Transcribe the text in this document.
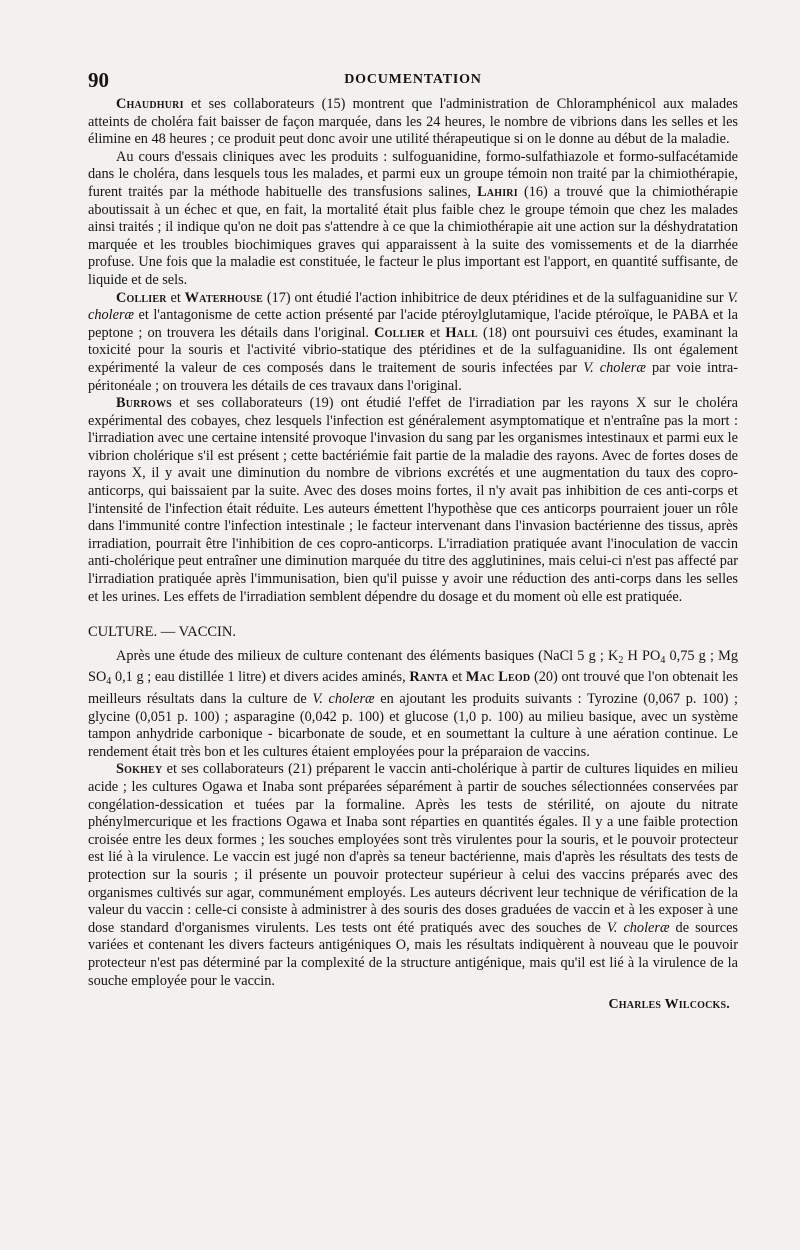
90	DOCUMENTATION

Chaudhuri et ses collaborateurs (15) montrent que l'administration de Chloramphénicol aux malades atteints de choléra fait baisser de façon marquée, dans les 24 heures, le nombre de vibrions dans les selles et les élimine en 48 heures ; ce produit peut donc avoir une utilité thérapeutique si on le donne au début de la maladie.

Au cours d'essais cliniques avec les produits : sulfoguanidine, formo-sulfathiazole et formo-sulfacétamide dans le choléra, dans lesquels tous les malades, et parmi eux un groupe témoin non traité par la chimiothérapie, furent traités par la méthode habituelle des transfusions salines, Lahiri (16) a trouvé que la chimiothérapie aboutissait à un échec et que, en fait, la mortalité était plus faible chez le groupe témoin que chez les malades ainsi traités ; il indique qu'on ne doit pas s'attendre à ce que la chimiothérapie ait une action sur la déshydratation marquée et les troubles biochimiques graves qui apparaissent à la suite des vomissements et de la diarrhée profuse. Une fois que la maladie est constituée, le facteur le plus important est l'apport, en quantité suffisante, de liquide et de sels.

Collier et Waterhouse (17) ont étudié l'action inhibitrice de deux ptéridines et de la sulfaguanidine sur V. choleræ et l'antagonisme de cette action présenté par l'acide ptéroylglutamique, l'acide ptéroïque, le PABA et la peptone ; on trouvera les détails dans l'original. Collier et Hall (18) ont poursuivi ces études, examinant la toxicité pour la souris et l'activité vibrio-statique des ptéridines et de la sulfaguanidine. Ils ont également expérimenté la valeur de ces composés dans le traitement de souris infectées par V. choleræ par voie intra-péritonéale ; on trouvera les détails de ces travaux dans l'original.

Burrows et ses collaborateurs (19) ont étudié l'effet de l'irradiation par les rayons X sur le choléra expérimental des cobayes, chez lesquels l'infection est généralement asymptomatique et n'entraîne pas la mort : l'irradiation avec une certaine intensité provoque l'invasion du sang par les organismes intestinaux et parmi eux le vibrion cholérique s'il est présent ; cette bactériémie fait partie de la maladie des rayons. Avec de fortes doses de rayons X, il y avait une diminution du nombre de vibrions excrétés et une augmentation du taux des copro-anticorps, qui baissaient par la suite. Avec des doses moins fortes, il n'y avait pas inhibition de ces anti-corps et l'intensité de l'infection était réduite. Les auteurs émettent l'hypothèse que ces anticorps pourraient jouer un rôle dans l'immunité contre l'infection intestinale ; le facteur intervenant dans l'invasion bactérienne des tissus, après irradiation, pourrait être l'inhibition de ces copro-anticorps. L'irradiation pratiquée avant l'inoculation de vaccin anti-cholérique peut entraîner une diminution marquée du titre des agglutinines, mais celui-ci n'est pas affecté par l'irradiation pratiquée après l'immunisation, bien qu'il puisse y avoir une réduction des anti-corps dans les selles et les urines. Les effets de l'irradiation semblent dépendre du dosage et du moment où elle est pratiquée.

CULTURE. — VACCIN.

Après une étude des milieux de culture contenant des éléments basiques (NaCl 5 g ; $K_2$ H $PO_4$ 0,75 g ; Mg $SO_4$ 0,1 g ; eau distillée 1 litre) et divers acides aminés, Ranta et Mac Leod (20) ont trouvé que l'on obtenait les meilleurs résultats dans la culture de V. choleræ en ajoutant les produits suivants : Tyrozine (0,067 p. 100) ; glycine (0,051 p. 100) ; asparagine (0,042 p. 100) et glucose (1,0 p. 100) au milieu basique, avec un système tampon anhydride carbonique - bicarbonate de soude, et en soumettant la culture à une aération continue. Le rendement était très bon et les cultures étaient employées pour la préparaion de vaccins.

Sokhey et ses collaborateurs (21) préparent le vaccin anti-cholérique à partir de cultures liquides en milieu acide ; les cultures Ogawa et Inaba sont préparées séparément à partir de souches sélectionnées conservées par congélation-dessication et tuées par la formaline. Après les tests de stérilité, on ajoute du nitrate phénylmercurique et les fractions Ogawa et Inaba sont réparties en quantités égales. Il y a une faible protection croisée entre les deux formes ; les souches employées sont très virulentes pour la souris, et le pouvoir protecteur est lié à la virulence. Le vaccin est jugé non d'après sa teneur bactérienne, mais d'après les résultats des tests de protection sur la souris ; il présente un pouvoir protecteur supérieur à celui des vaccins préparés avec des organismes cultivés sur agar, communément employés. Les auteurs décrivent leur technique de vérification de la valeur du vaccin : celle-ci consiste à administrer à des souris des doses graduées de vaccin et à les exposer à une dose standard d'organismes virulents. Les tests ont été pratiqués avec des souches de V. choleræ de sources variées et contenant les divers facteurs antigéniques O, mais les résultats indiquèrent à nouveau que le pouvoir protecteur n'est pas déterminé par la complexité de la structure antigénique, mais qu'il est lié à la virulence de la souche employée pour le vaccin.

Charles Wilcocks.
